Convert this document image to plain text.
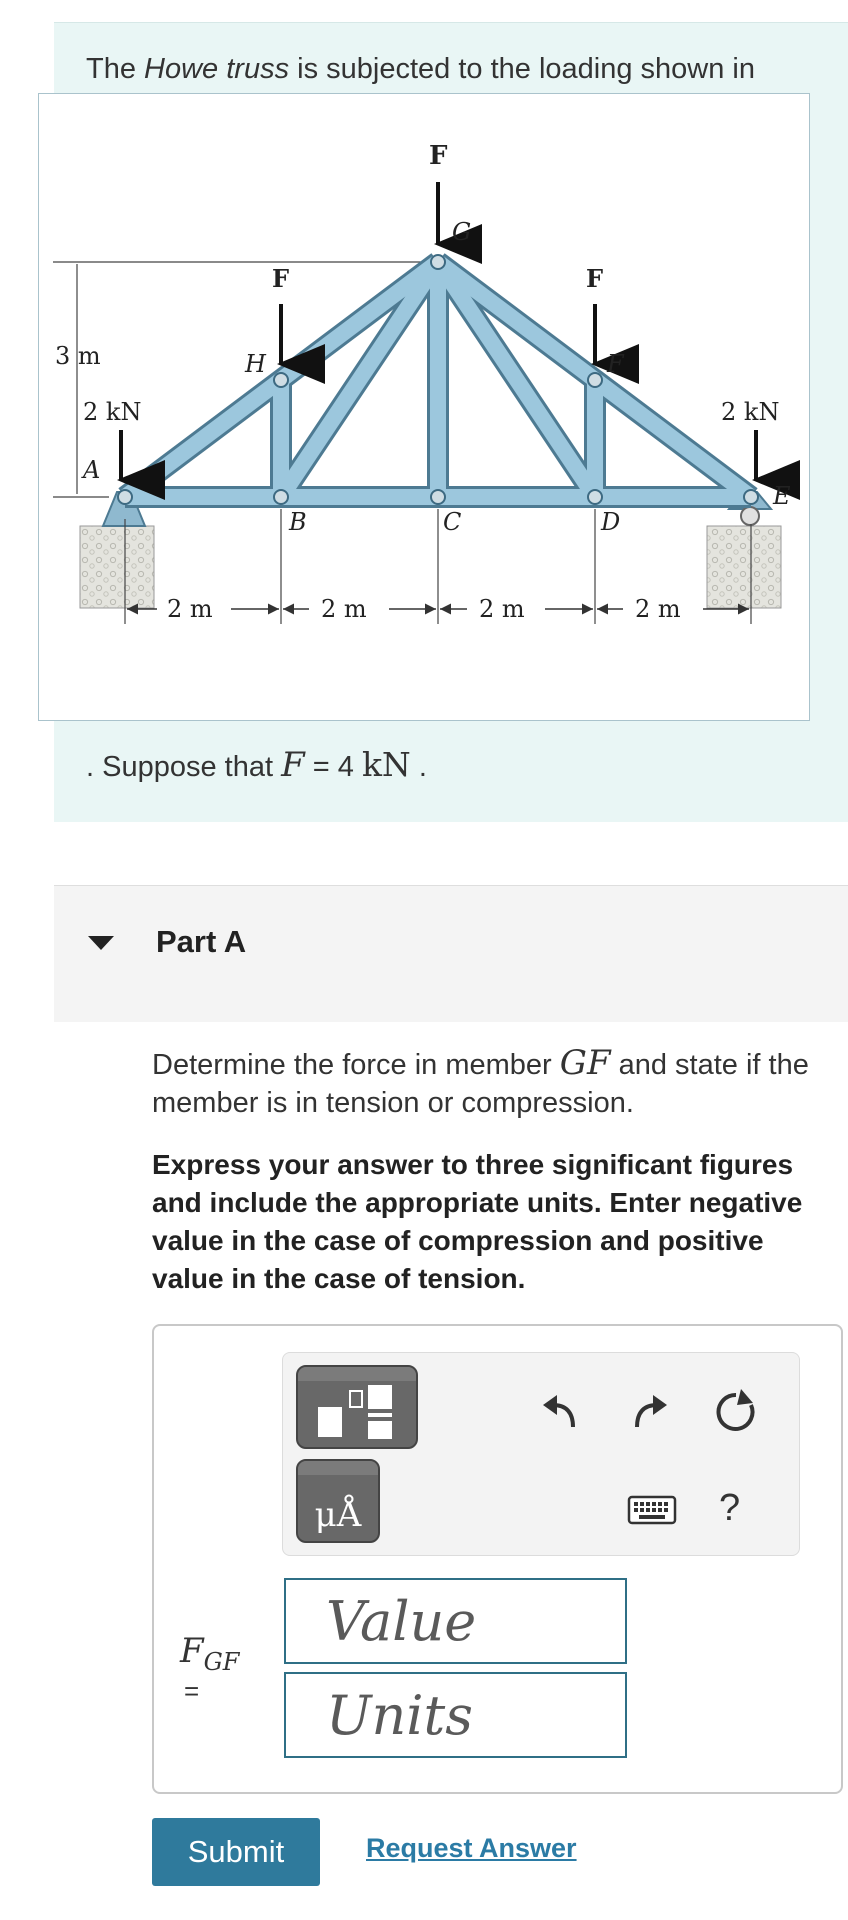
The Howe truss is subjected to the loading shown in
3 m
F
F	F
2 kN	2 kN
A
B	C	D
E
F
G
H
2 m	2 m	2 m	2 m
. Suppose that F = 4 kN .
Part A
Determine the force in member GF and state if the member is in tension or compression.
Express your answer to three significant figures and include the appropriate units. Enter negative value in the case of compression and positive value in the case of tension.
μÅ	?
$F_{GF}$
=
Value
Units
Submit	Request Answer
